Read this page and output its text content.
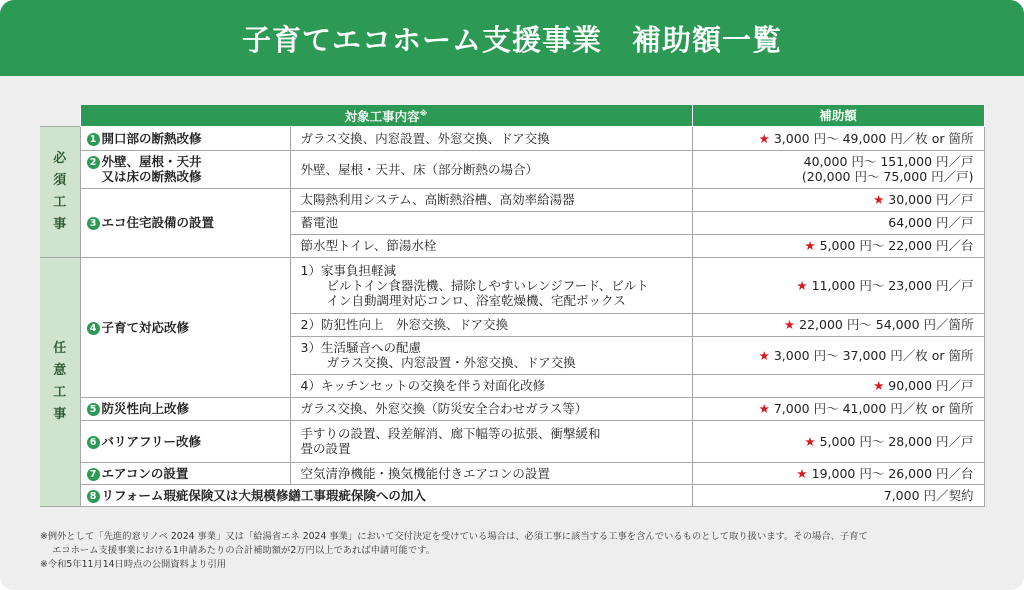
子育てエコホーム支援事業　補助額一覧
	対象工事内容※		補助額

必
須
工
事	1 開口部の断熱改修	ガラス交換、内窓設置、外窓交換、ドア交換	★ 3,000 円〜 49,000 円／枚 or 箇所
	2 外壁、屋根・天井
又は床の断熱改修	外壁、屋根・天井、床（部分断熱の場合）	40,000 円〜 151,000 円／戸
(20,000 円〜 75,000 円／戸)
	3 エコ住宅設備の設置	太陽熱利用システム、高断熱浴槽、高効率給湯器	★ 30,000 円／戸
		蓄電池	64,000 円／戸
		節水型トイレ、節湯水栓	★ 5,000 円〜 22,000 円／台

任
意
工
事	4 子育て対応改修	1）家事負担軽減
ビルトイン食器洗機、掃除しやすいレンジフード、ビルト
イン自動調理対応コンロ、浴室乾燥機、宅配ボックス	★ 11,000 円〜 23,000 円／戸
		2）防犯性向上　外窓交換、ドア交換	★ 22,000 円〜 54,000 円／箇所
		3）生活騒音への配慮
ガラス交換、内窓設置・外窓交換、ドア交換	★ 3,000 円〜 37,000 円／枚 or 箇所
		4）キッチンセットの交換を伴う対面化改修	★ 90,000 円／戸
	5 防災性向上改修	ガラス交換、外窓交換（防災安全合わせガラス等）	★ 7,000 円〜 41,000 円／枚 or 箇所
	6 バリアフリー改修	手すりの設置、段差解消、廊下幅等の拡張、衝撃緩和
畳の設置	★ 5,000 円〜 28,000 円／戸
	7 エアコンの設置	空気清浄機能・換気機能付きエアコンの設置	★ 19,000 円〜 26,000 円／台
	8 リフォーム瑕疵保険又は大規模修繕工事瑕疵保険への加入		7,000 円／契約
※例外として「先進的窓リノベ 2024 事業」又は「給湯省エネ 2024 事業」において交付決定を受けている場合は、必須工事に該当する工事を含んでいるものとして取り扱います。その場合、子育て
エコホーム支援事業における1申請あたりの合計補助額が2万円以上であれば申請可能です。
※令和5年11月14日時点の公開資料より引用
